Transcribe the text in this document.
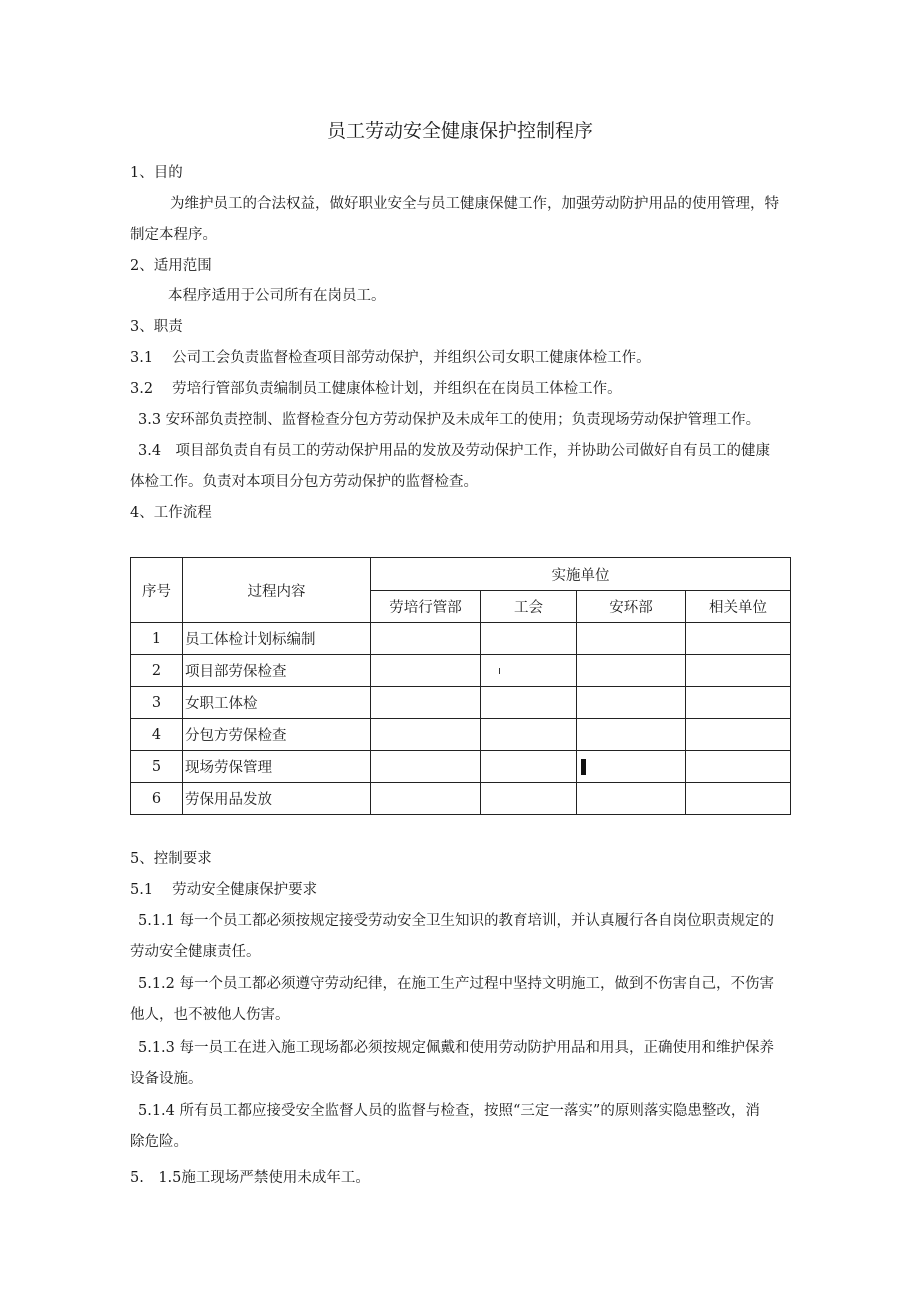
员工劳动安全健康保护控制程序
1、目的
为维护员工的合法权益，做好职业安全与员工健康保健工作，加强劳动防护用品的使用管理，特
制定本程序。
2、适用范围
本程序适用于公司所有在岗员工。
3、职责
3.1　 公司工会负责监督检查项目部劳动保护，并组织公司女职工健康体检工作。
3.2　 劳培行管部负责编制员工健康体检计划，并组织在在岗员工体检工作。
3.3 安环部负责控制、监督检查分包方劳动保护及未成年工的使用；负责现场劳动保护管理工作。
3.4　项目部负责自有员工的劳动保护用品的发放及劳动保护工作，并协助公司做好自有员工的健康
体检工作。负责对本项目分包方劳动保护的监督检查。
4、工作流程
序号	过程内容	实施单位			
		劳培行管部	工会	安环部	相关单位
1	员工体检计划标编制				
2	项目部劳保检查				
3	女职工体检				
4	分包方劳保检查				
5	现场劳保管理				
6	劳保用品发放				
5、控制要求
5.1　 劳动安全健康保护要求
5.1.1 每一个员工都必须按规定接受劳动安全卫生知识的教育培训，并认真履行各自岗位职责规定的
劳动安全健康责任。
5.1.2 每一个员工都必须遵守劳动纪律，在施工生产过程中坚持文明施工，做到不伤害自己，不伤害
他人，也不被他人伤害。
5.1.3 每一员工在进入施工现场都必须按规定佩戴和使用劳动防护用品和用具，正确使用和维护保养
设备设施。
5.1.4 所有员工都应接受安全监督人员的监督与检查，按照“三定一落实”的原则落实隐患整改，消
除危险。
5.　1.5施工现场严禁使用未成年工。
